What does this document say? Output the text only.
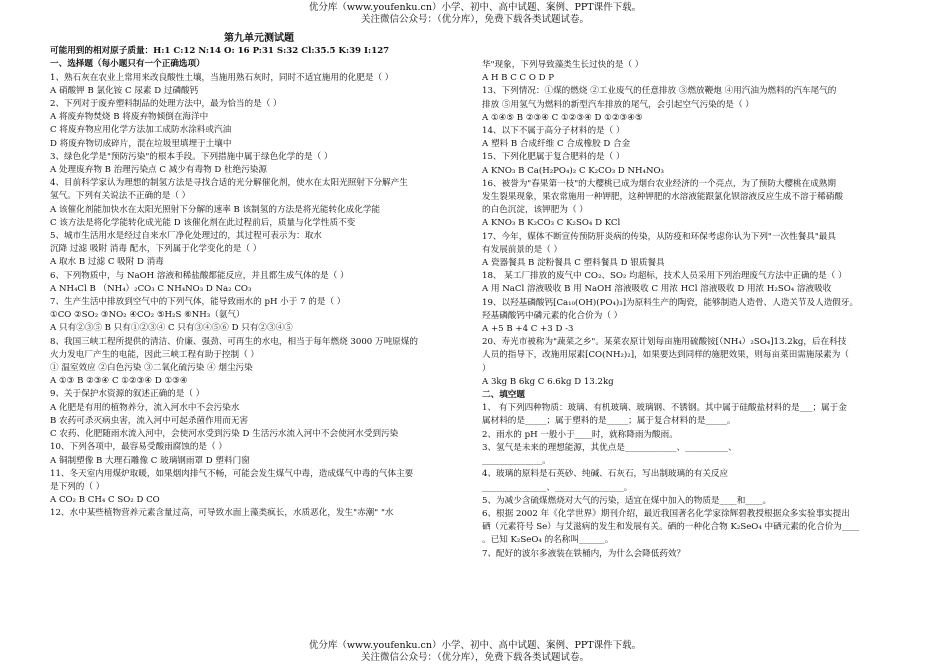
优分库（www.youfenku.cn）小学、初中、高中试题、案例、PPT课件下载。
关注微信公众号：（优分库），免费下载各类试题试卷。
第九单元测试题
可能用到的相对原子质量：H:1 C:12 N:14 O: 16 P:31 S:32 Cl:35.5 K:39 I:127
一、选择题（每小题只有一个正确选项）
1、熟石灰在农业上常用来改良酸性土壤，当施用熟石灰时，同时不适宜施用的化肥是（ ）
A 硝酸钾 B 氯化铵 C 尿素 D 过磷酸钙
2、下列对于废弃塑料制品的处理方法中，最为恰当的是（ ）
A 将废弃物焚烧 B 将废弃物倾倒在海洋中
C 将废弃物应用化学方法加工成防水涂料或汽油
D 将废弃物切成碎片，混在垃圾里填埋于土壤中
3、绿色化学是"预防污染"的根本手段。下列措施中属于绿色化学的是（ ）
A 处理废弃物 B 治理污染点 C 减少有毒物 D 杜绝污染源
4、目前科学家认为理想的制氢方法是寻找合适的光分解催化剂，使水在太阳光照射下分解产生
氢气。下列有关说法不正确的是（ ）
A 该催化剂能加快水在太阳光照射下分解的速率 B 该制氢的方法是将光能转化成化学能
C 该方法是将化学能转化成光能 D 该催化剂在此过程前后，质量与化学性质不变
5、城市生活用水是经过自来水厂净化处理过的，其过程可表示为：取水
沉降 过滤 吸附 消毒 配水，下列属于化学变化的是（ ）
A 取水 B 过滤 C 吸附 D 消毒
6、下列物质中，与 NaOH 溶液和稀盐酸都能反应，并且都生成气体的是（ ）
A NH₄Cl B （NH₄）₂CO₃ C NH₄NO₃ D Na₂ CO₃
7、生产生活中排放到空气中的下列气体，能导致雨水的 pH 小于 7 的是（ ）
①CO ②SO₂ ③NO₂ ④CO₂ ⑤H₂S ⑥NH₃（氨气）
A 只有②③⑤ B 只有①②③④ C 只有③④⑤⑥ D 只有②③④⑤
8、我国三峡工程所提供的清洁、价廉、强劲、可再生的水电，相当于每年燃烧 3000 万吨原煤的
火力发电厂产生的电能，因此三峡工程有助于控制（ ）
① 温室效应 ②白色污染 ③二氧化硫污染 ④ 烟尘污染
A ①③ B ②③④ C ①②③④ D ①③④
9、关于保护水资源的叙述正确的是（ ）
A 化肥是有用的植物养分，流入河水中不会污染水
B 农药可杀灭病虫害，流入河中可起杀菌作用而无害
C 农药、化肥随雨水流入河中，会使河水受到污染 D 生活污水流入河中不会使河水受到污染
10、下列各项中，最容易受酸雨腐蚀的是（ ）
A 铜制塑像 B 大理石雕像 C 玻璃钢雨罩 D 塑料门窗
11、冬天室内用煤炉取暖，如果烟肉排气不畅，可能会发生煤气中毒，造成煤气中毒的气体主要
是下列的（ ）
A CO₂ B CH₄ C SO₂ D CO
12、水中某些植物营养元素含量过高，可导致水面上藻类疯长，水质恶化，发生"赤潮" "水
华"现象，下列导致藻类生长过快的是（ ）
A H B C C O D P
13、下列情况：①煤的燃烧 ②工业废气的任意排放 ③燃放鞭炮 ④用汽油为燃料的汽车尾气的
排放 ⑤用氢气为燃料的新型汽车排放的尾气，会引起空气污染的是（ ）
A ①④⑤ B ②③④ C ①②③④ D ①②③④⑤
14、以下不属于高分子材料的是（ ）
A 塑料 B 合成纤维 C 合成橡胶 D 合金
15、下列化肥属于复合肥料的是（ ）
A KNO₃ B Ca(H₂PO₄)₂ C K₂CO₃ D NH₄NO₃
16、被誉为"春果第一枝"的大樱桃已成为烟台农业经济的一个亮点，为了预防大樱桃在成熟期
发生裂果现象，果农常施用一种钾肥，这种钾肥的水溶液能跟氯化钡溶液反应生成不溶于稀硝酸
的白色沉淀，该钾肥为（ ）
A KNO₃ B K₂CO₃ C K₂SO₄ D KCl
17、今年，媒体不断宣传预防肝炎病的传染，从防疫和环保考虑你认为下列"一次性餐具"最具
有发展前景的是（ ）
A 瓷器餐具 B 淀粉餐具 C 塑料餐具 D 银质餐具
18、 某工厂排放的废气中 CO₂、SO₂ 均超标，技术人员采用下列治理废气方法中正确的是（ ）
A 用 NaCl 溶液吸收 B 用 NaOH 溶液吸收 C 用浓 HCl 溶液吸收 D 用浓 H₂SO₄ 溶液吸收
19、以羟基磷酸钙[Ca₁₀(OH)(PO₄)₃]为原料生产的陶瓷，能够制造人造骨、人造关节及人造假牙。
羟基磷酸钙中磷元素的化合价为（ ）
A +5 B +4 C +3 D -3
20、寿光市被称为"蔬菜之乡"。某菜农原计划每亩施用硫酸铵[（NH₄）₂SO₄]13.2kg，后在科技
人员的指导下，改施用尿素[CO(NH₂)₂]，如果要达到同样的施肥效果，则每亩菜田需施尿素为（
）
A 3kg B 6kg C 6.6kg D 13.2kg
二、填空题
1、 有下列四种物质：玻璃、有机玻璃、玻璃钢、不锈钢。其中属于硅酸盐材料的是___；属于金
属材料的是_____；属于塑料的是_____；属于复合材料的是_____。
2、雨水的 pH 一般小于____时，就称降雨为酸雨。
3、氢气是未来的理想能源，其优点是____________、__________、
______________。
4、玻璃的原料是石英砂、纯碱、石灰石，写出制玻璃的有关反应
_______________、________________。
5、为减少含硫煤燃烧对大气的污染，适宜在煤中加入的物质是____和____。
6、根据 2002 年《化学世界》期刊介绍，最近我国著名化学家徐辉碧教授根据众多实验事实提出
硒（元素符号 Se）与艾滋病的发生和发展有关。硒的一种化合物 K₂SeO₄ 中硒元素的化合价为____
。已知 K₂SeO₄ 的名称叫______。
7、配好的波尔多液装在铁桶内，为什么会降低药效？
优分库（www.youfenku.cn）小学、初中、高中试题、案例、PPT课件下载。
关注微信公众号：（优分库），免费下载各类试题试卷。
